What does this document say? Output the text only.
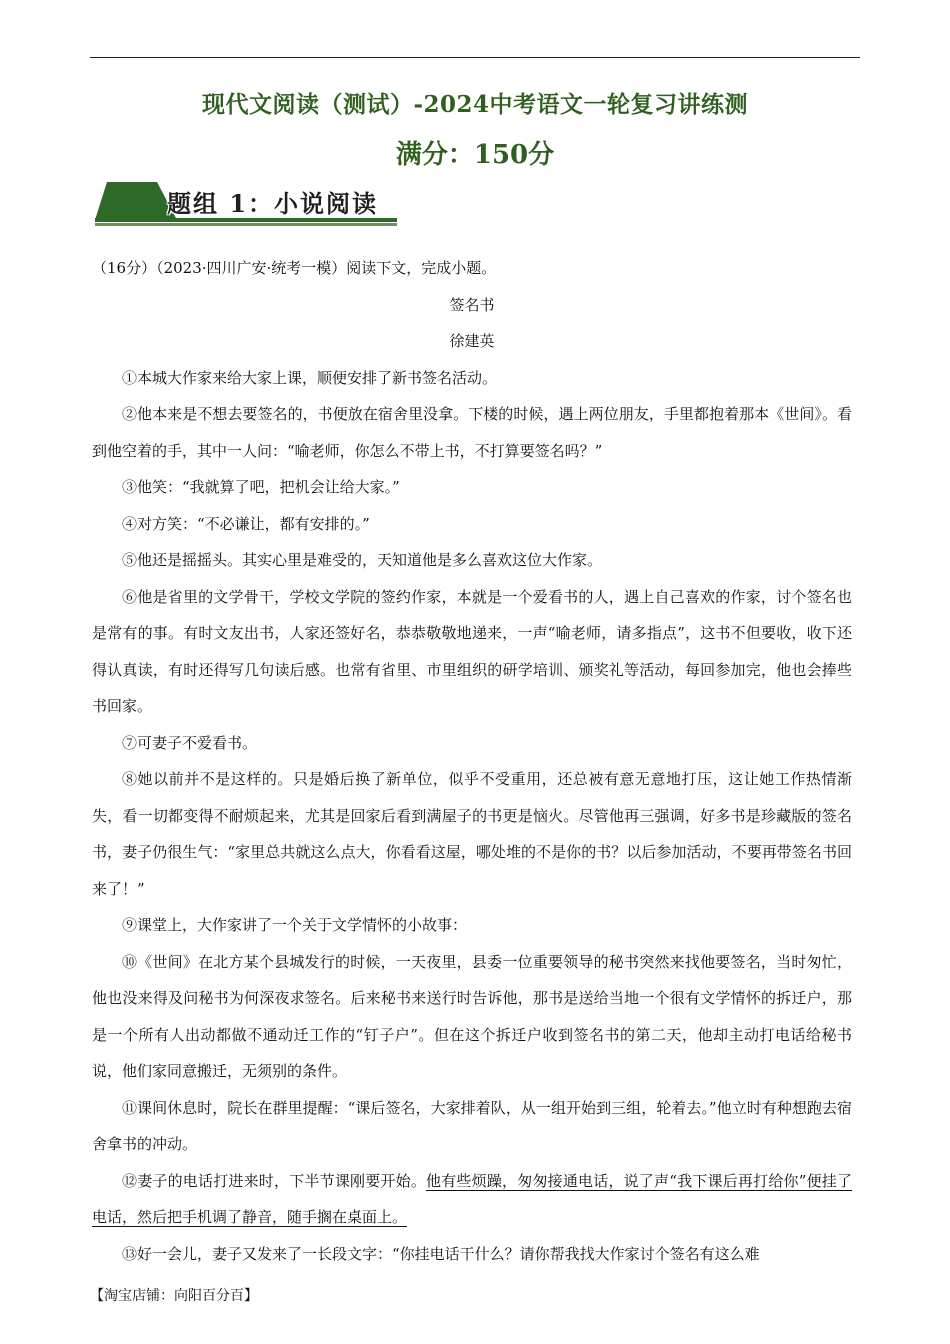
现代文阅读（测试）-2024中考语文一轮复习讲练测
满分：150分
题组 1：小说阅读

（16分）（2023·四川广安·统考一模）阅读下文，完成小题。

签名书

徐建英

①本城大作家来给大家上课，顺便安排了新书签名活动。

②他本来是不想去要签名的，书便放在宿舍里没拿。下楼的时候，遇上两位朋友，手里都抱着那本《世间》。看到他空着的手，其中一人问：“喻老师，你怎么不带上书，不打算要签名吗？”

③他笑：“我就算了吧，把机会让给大家。”

④对方笑：“不必谦让，都有安排的。”

⑤他还是摇摇头。其实心里是难受的，天知道他是多么喜欢这位大作家。

⑥他是省里的文学骨干，学校文学院的签约作家，本就是一个爱看书的人，遇上自己喜欢的作家，讨个签名也是常有的事。有时文友出书，人家还签好名，恭恭敬敬地递来，一声“喻老师，请多指点”，这书不但要收，收下还得认真读，有时还得写几句读后感。也常有省里、市里组织的研学培训、颁奖礼等活动，每回参加完，他也会捧些书回家。

⑦可妻子不爱看书。

⑧她以前并不是这样的。只是婚后换了新单位，似乎不受重用，还总被有意无意地打压，这让她工作热情渐失，看一切都变得不耐烦起来，尤其是回家后看到满屋子的书更是恼火。尽管他再三强调，好多书是珍藏版的签名书，妻子仍很生气：“家里总共就这么点大，你看看这屋，哪处堆的不是你的书？以后参加活动，不要再带签名书回来了！”

⑨课堂上，大作家讲了一个关于文学情怀的小故事：

⑩《世间》在北方某个县城发行的时候，一天夜里，县委一位重要领导的秘书突然来找他要签名，当时匆忙，他也没来得及问秘书为何深夜求签名。后来秘书来送行时告诉他，那书是送给当地一个很有文学情怀的拆迁户，那是一个所有人出动都做不通动迁工作的“钉子户”。但在这个拆迁户收到签名书的第二天，他却主动打电话给秘书说，他们家同意搬迁，无须别的条件。

⑪课间休息时，院长在群里提醒：“课后签名，大家排着队，从一组开始到三组，轮着去。”他立时有种想跑去宿舍拿书的冲动。

⑫妻子的电话打进来时，下半节课刚要开始。他有些烦躁，匆匆接通电话，说了声“我下课后再打给你”便挂了电话，然后把手机调了静音，随手搁在桌面上。

⑬好一会儿，妻子又发来了一长段文字：“你挂电话干什么？请你帮我找大作家讨个签名有这么难

【淘宝店铺：向阳百分百】
